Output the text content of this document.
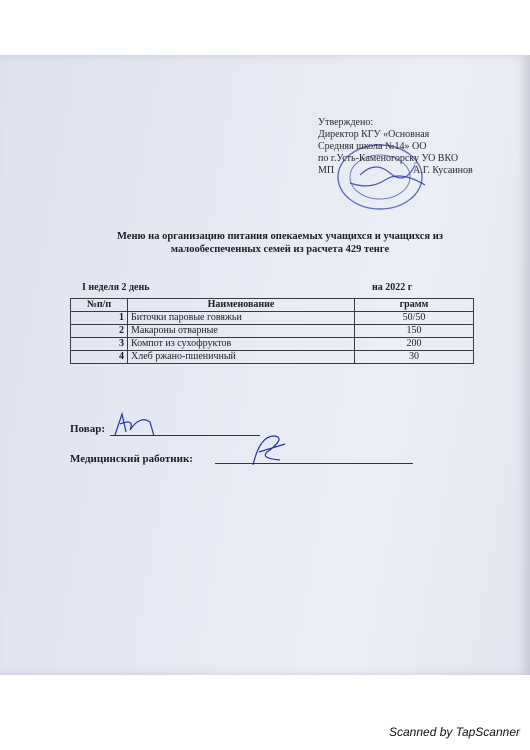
Утверждено:
Директор КГУ «Основная
Средняя школа №14» ОО
по г.Усть-Каменогорску УО ВКО
МП	А.Г. Кусаинов
Меню на организацию питания опекаемых учащихся и учащихся из
малообеспеченных семей из расчета 429 тенге
I неделя 2 день	на 2022 г
№п/п	Наименование	грамм
1	Биточки паровые говяжьи	50/50
2	Макароны отварные	150
3	Компот из сухофруктов	200
4	Хлеб ржано-пшеничный	30
Повар:
Медицинский работник:
Scanned by TapScanner
